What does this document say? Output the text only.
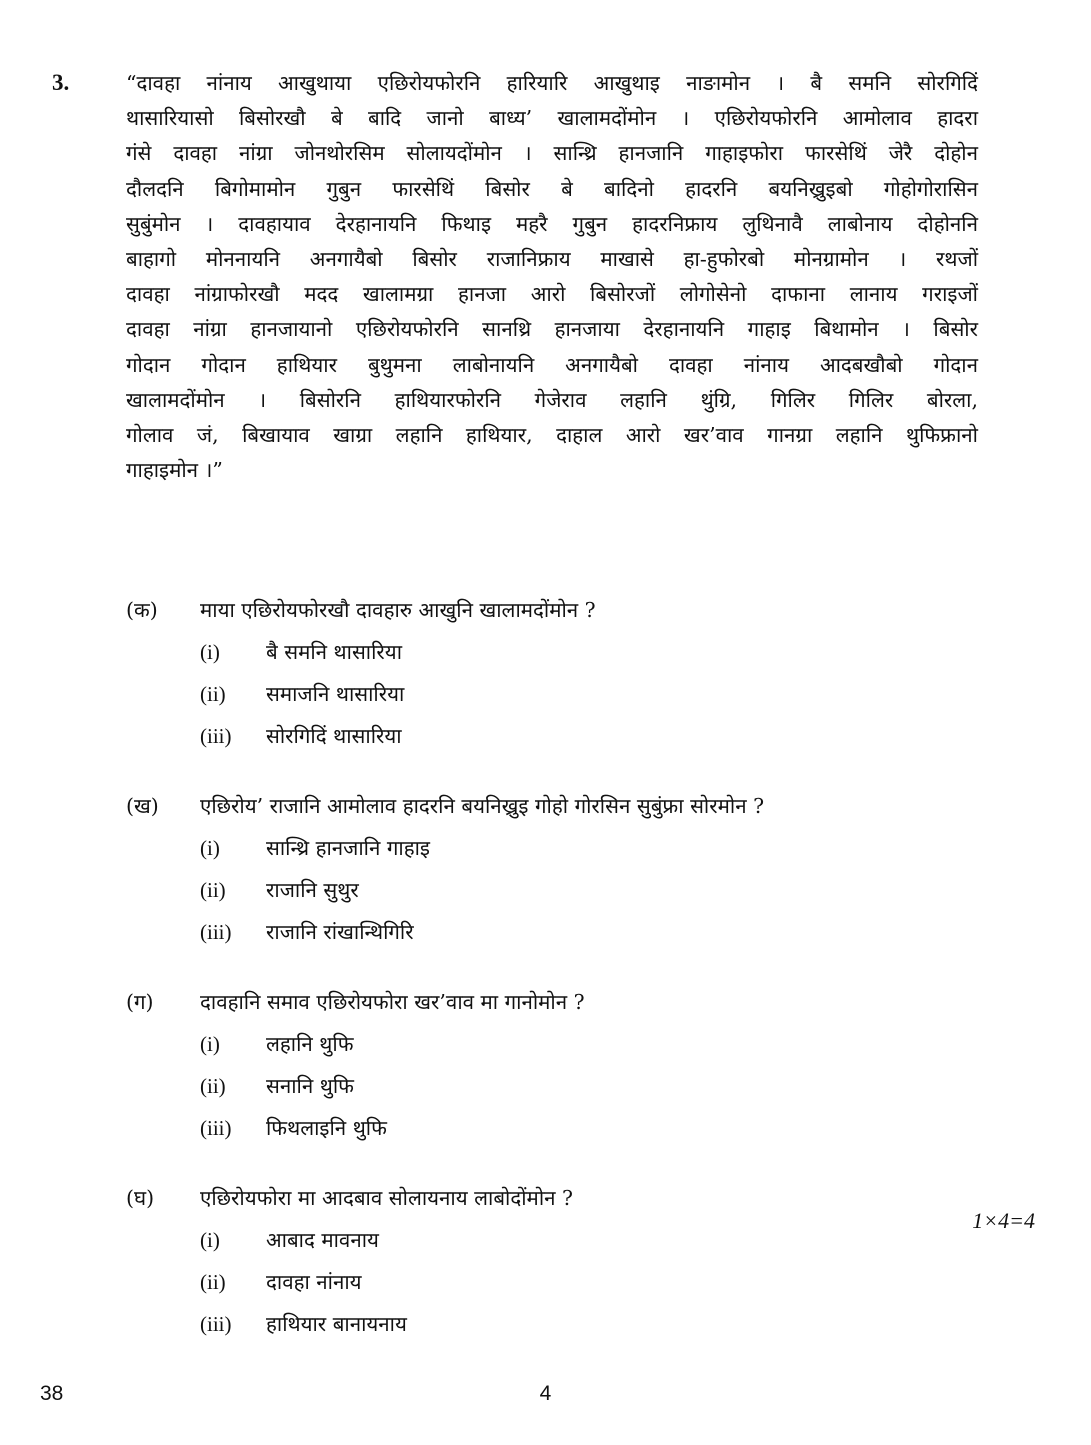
3.	“दावहा नांनाय आखुथाया एछिरोयफोरनि हारियारि आखुथाइ नाङामोन । बै समनि सोरगिदिं
थासारियासो बिसोरखौ बे बादि जानो बाध्य’ खालामदोंमोन । एछिरोयफोरनि आमोलाव हादरा
गंसे दावहा नांग्रा जोनथोरसिम सोलायदोंमोन । सान्थ्रि हानजानि गाहाइफोरा फारसेथिं जेरै दोहोन
दौलदनि बिगोमामोन गुबुन फारसेथिं बिसोर बे बादिनो हादरनि बयनिख्रुइबो गोहोगोरासिन
सुबुंमोन । दावहायाव देरहानायनि फिथाइ महरै गुबुन हादरनिफ्राय लुथिनावै लाबोनाय दोहोननि
बाहागो मोननायनि अनगायैबो बिसोर राजानिफ्राय माखासे हा-हुफोरबो मोनग्रामोन । रथजों
दावहा नांग्राफोरखौ मदद खालामग्रा हानजा आरो बिसोरजों लोगोसेनो दाफाना लानाय गराइजों
दावहा नांग्रा हानजायानो एछिरोयफोरनि सानथ्रि हानजाया देरहानायनि गाहाइ बिथामोन । बिसोर
गोदान गोदान हाथियार बुथुमना लाबोनायनि अनगायैबो दावहा नांनाय आदबखौबो गोदान
खालामदोंमोन । बिसोरनि हाथियारफोरनि गेजेराव लहानि थुंग्रि, गिलिर गिलिर बोरला,
गोलाव जं, बिखायाव खाग्रा लहानि हाथियार, दाहाल आरो खर’वाव गानग्रा लहानि थुफिफ्रानो
गाहाइमोन ।”
(क) माया एछिरोयफोरखौ दावहारु आखुनि खालामदोंमोन ?
(i) बै समनि थासारिया
(ii) समाजनि थासारिया
(iii) सोरगिदिं थासारिया
(ख) एछिरोय’ राजानि आमोलाव हादरनि बयनिख्रुइ गोहो गोरसिन सुबुंफ्रा सोरमोन ?
(i) सान्थ्रि हानजानि गाहाइ
(ii) राजानि सुथुर
(iii) राजानि रांखान्थिगिरि
(ग) दावहानि समाव एछिरोयफोरा खर’वाव मा गानोमोन ?
(i) लहानि थुफि
(ii) सनानि थुफि
(iii) फिथलाइनि थुफि
(घ) एछिरोयफोरा मा आदबाव सोलायनाय लाबोदोंमोन ?
(i) आबाद मावनाय
(ii) दावहा नांनाय
(iii) हाथियार बानायनाय
1×4=4
38	4
